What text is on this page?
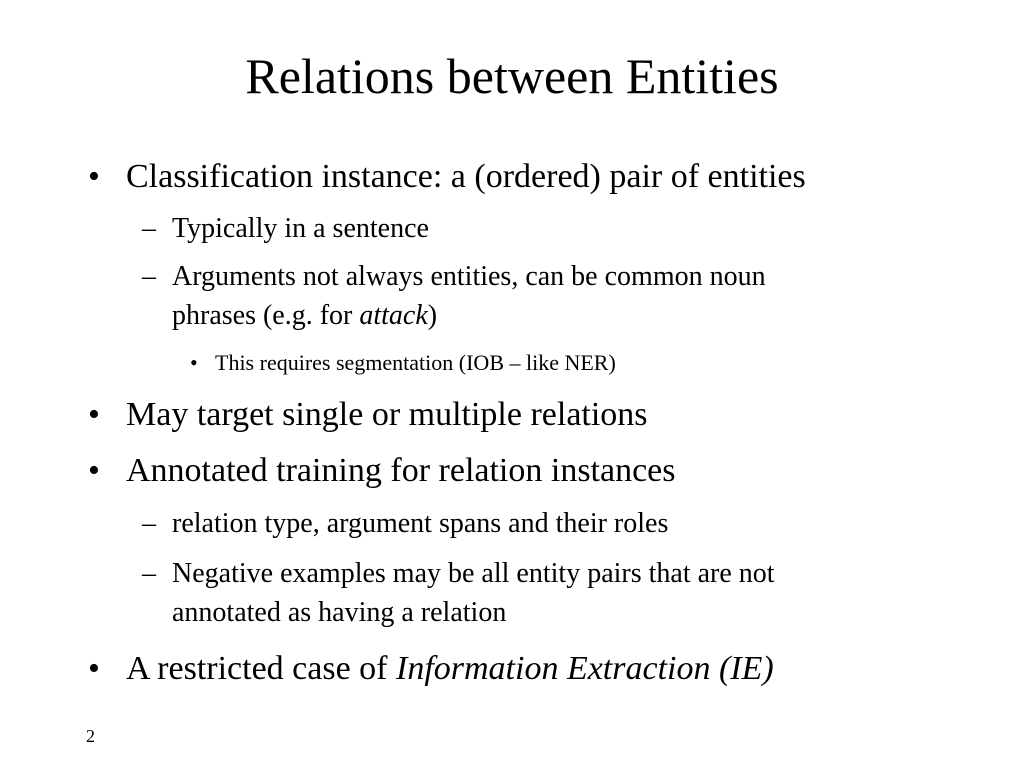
Relations between Entities
• Classification instance: a (ordered) pair of entities
– Typically in a sentence
– Arguments not always entities, can be common noun
phrases (e.g. for attack)
• This requires segmentation (IOB – like NER)
• May target single or multiple relations
• Annotated training for relation instances
– relation type, argument spans and their roles
– Negative examples may be all entity pairs that are not
annotated as having a relation
• A restricted case of Information Extraction (IE)
2
